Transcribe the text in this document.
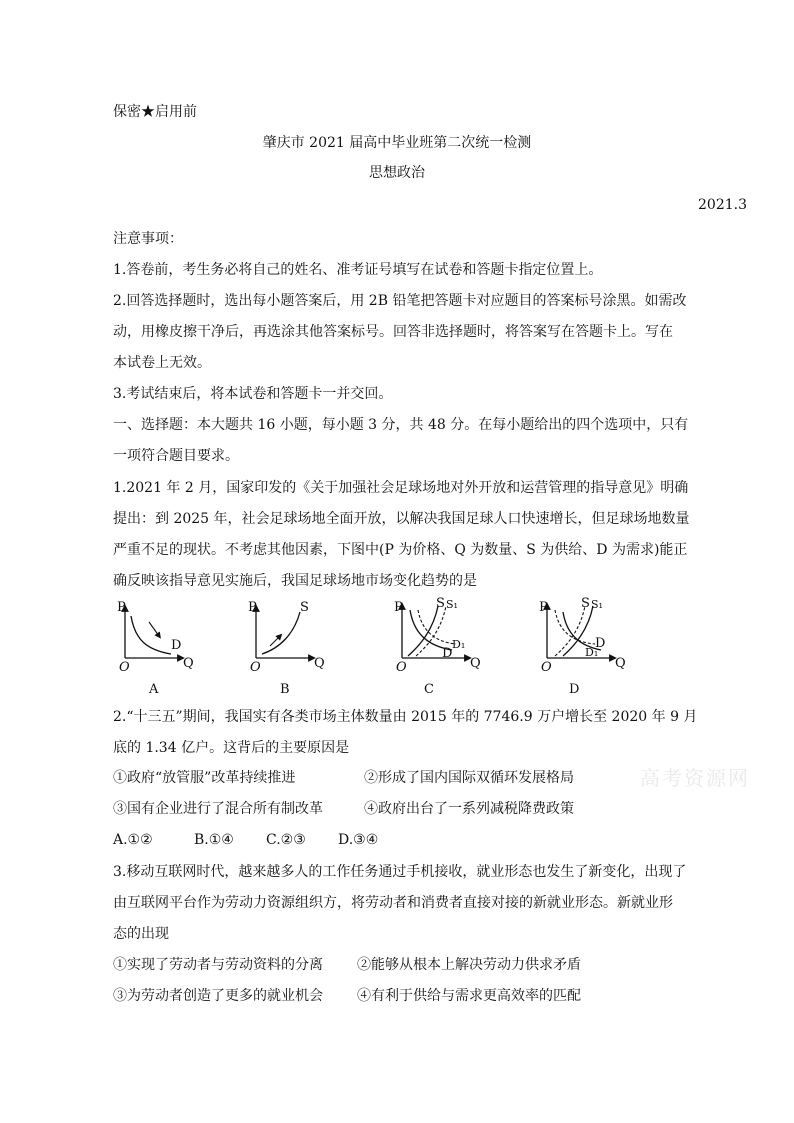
保密★启用前
肇庆市 2021 届高中毕业班第二次统一检测
思想政治
2021.3
注意事项：
1.答卷前，考生务必将自己的姓名、准考证号填写在试卷和答题卡指定位置上。
2.回答选择题时，选出每小题答案后，用 2B 铅笔把答题卡对应题目的答案标号涂黑。如需改
动，用橡皮擦干净后，再选涂其他答案标号。回答非选择题时，将答案写在答题卡上。写在
本试卷上无效。
3.考试结束后，将本试卷和答题卡一并交回。
一、选择题：本大题共 16 小题，每小题 3 分，共 48 分。在每小题给出的四个选项中，只有
一项符合题目要求。
1.2021 年 2 月，国家印发的《关于加强社会足球场地对外开放和运营管理的指导意见》明确
提出：到 2025 年，社会足球场地全面开放，以解决我国足球人口快速增长，但足球场地数量
严重不足的现状。不考虑其他因素，下图中(P 为价格、Q 为数量、S 为供给、D 为需求)能正
确反映该指导意见实施后，我国足球场地市场变化趋势的是
P
Q
O
D
A
P
Q
O
S
B
P
Q
O
S S₁
D
D₁
C
P
Q
O
S S₁
D
D₁
D
2.“十三五”期间，我国实有各类市场主体数量由 2015 年的 7746.9 万户增长至 2020 年 9 月
底的 1.34 亿户。这背后的主要原因是
①政府“放管服”改革持续推进	②形成了国内国际双循环发展格局
③国有企业进行了混合所有制改革	④政府出台了一系列减税降费政策
A.①②	B.①④ C.②③ D.③④
3.移动互联网时代，越来越多人的工作任务通过手机接收，就业形态也发生了新变化，出现了
由互联网平台作为劳动力资源组织方，将劳动者和消费者直接对接的新就业形态。新就业形
态的出现
①实现了劳动者与劳动资料的分离 ②能够从根本上解决劳动力供求矛盾
③为劳动者创造了更多的就业机会 ④有利于供给与需求更高效率的匹配
高考资源网
